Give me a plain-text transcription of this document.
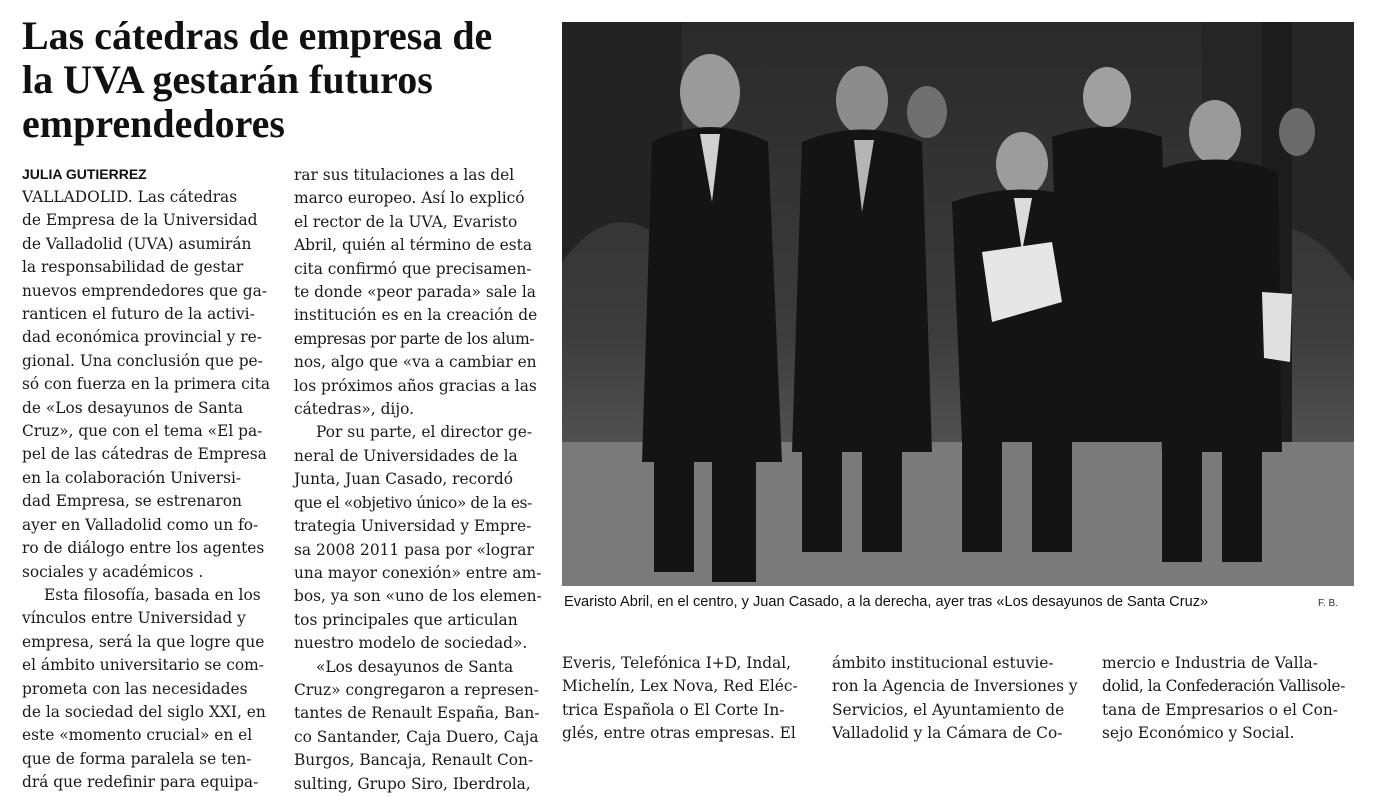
Las cátedras de empresa de
la UVA gestarán futuros
emprendedores
JULIA GUTIERREZ
VALLADOLID. Las cátedras
de Empresa de la Universidad
de Valladolid (UVA) asumirán
la responsabilidad de gestar
nuevos emprendedores que ga-
ranticen el futuro de la activi-
dad económica provincial y re-
gional. Una conclusión que pe-
só con fuerza en la primera cita
de «Los desayunos de Santa
Cruz», que con el tema «El pa-
pel de las cátedras de Empresa
en la colaboración Universi-
dad Empresa, se estrenaron
ayer en Valladolid como un fo-
ro de diálogo entre los agentes
sociales y académicos .
Esta filosofía, basada en los
vínculos entre Universidad y
empresa, será la que logre que
el ámbito universitario se com-
prometa con las necesidades
de la sociedad del siglo XXI, en
este «momento crucial» en el
que de forma paralela se ten-
drá que redefinir para equipa-
rar sus titulaciones a las del
marco europeo. Así lo explicó
el rector de la UVA, Evaristo
Abril, quién al término de esta
cita confirmó que precisamen-
te donde «peor parada» sale la
institución es en la creación de
empresas por parte de los alum-
nos, algo que «va a cambiar en
los próximos años gracias a las
cátedras», dijo.
Por su parte, el director ge-
neral de Universidades de la
Junta, Juan Casado, recordó
que el «objetivo único» de la es-
trategia Universidad y Empre-
sa 2008 2011 pasa por «lograr
una mayor conexión» entre am-
bos, ya son «uno de los elemen-
tos principales que articulan
nuestro modelo de sociedad».
«Los desayunos de Santa
Cruz» congregaron a represen-
tantes de Renault España, Ban-
co Santander, Caja Duero, Caja
Burgos, Bancaja, Renault Con-
sulting, Grupo Siro, Iberdrola,
Evaristo Abril, en el centro, y Juan Casado, a la derecha, ayer tras «Los desayunos de Santa Cruz»	F. B.
Everis, Telefónica I+D, Indal,
Michelín, Lex Nova, Red Eléc-
trica Española o El Corte In-
glés, entre otras empresas. El
ámbito institucional estuvie-
ron la Agencia de Inversiones y
Servicios, el Ayuntamiento de
Valladolid y la Cámara de Co-
mercio e Industria de Valla-
dolid, la Confederación Vallisole-
tana de Empresarios o el Con-
sejo Económico y Social.
